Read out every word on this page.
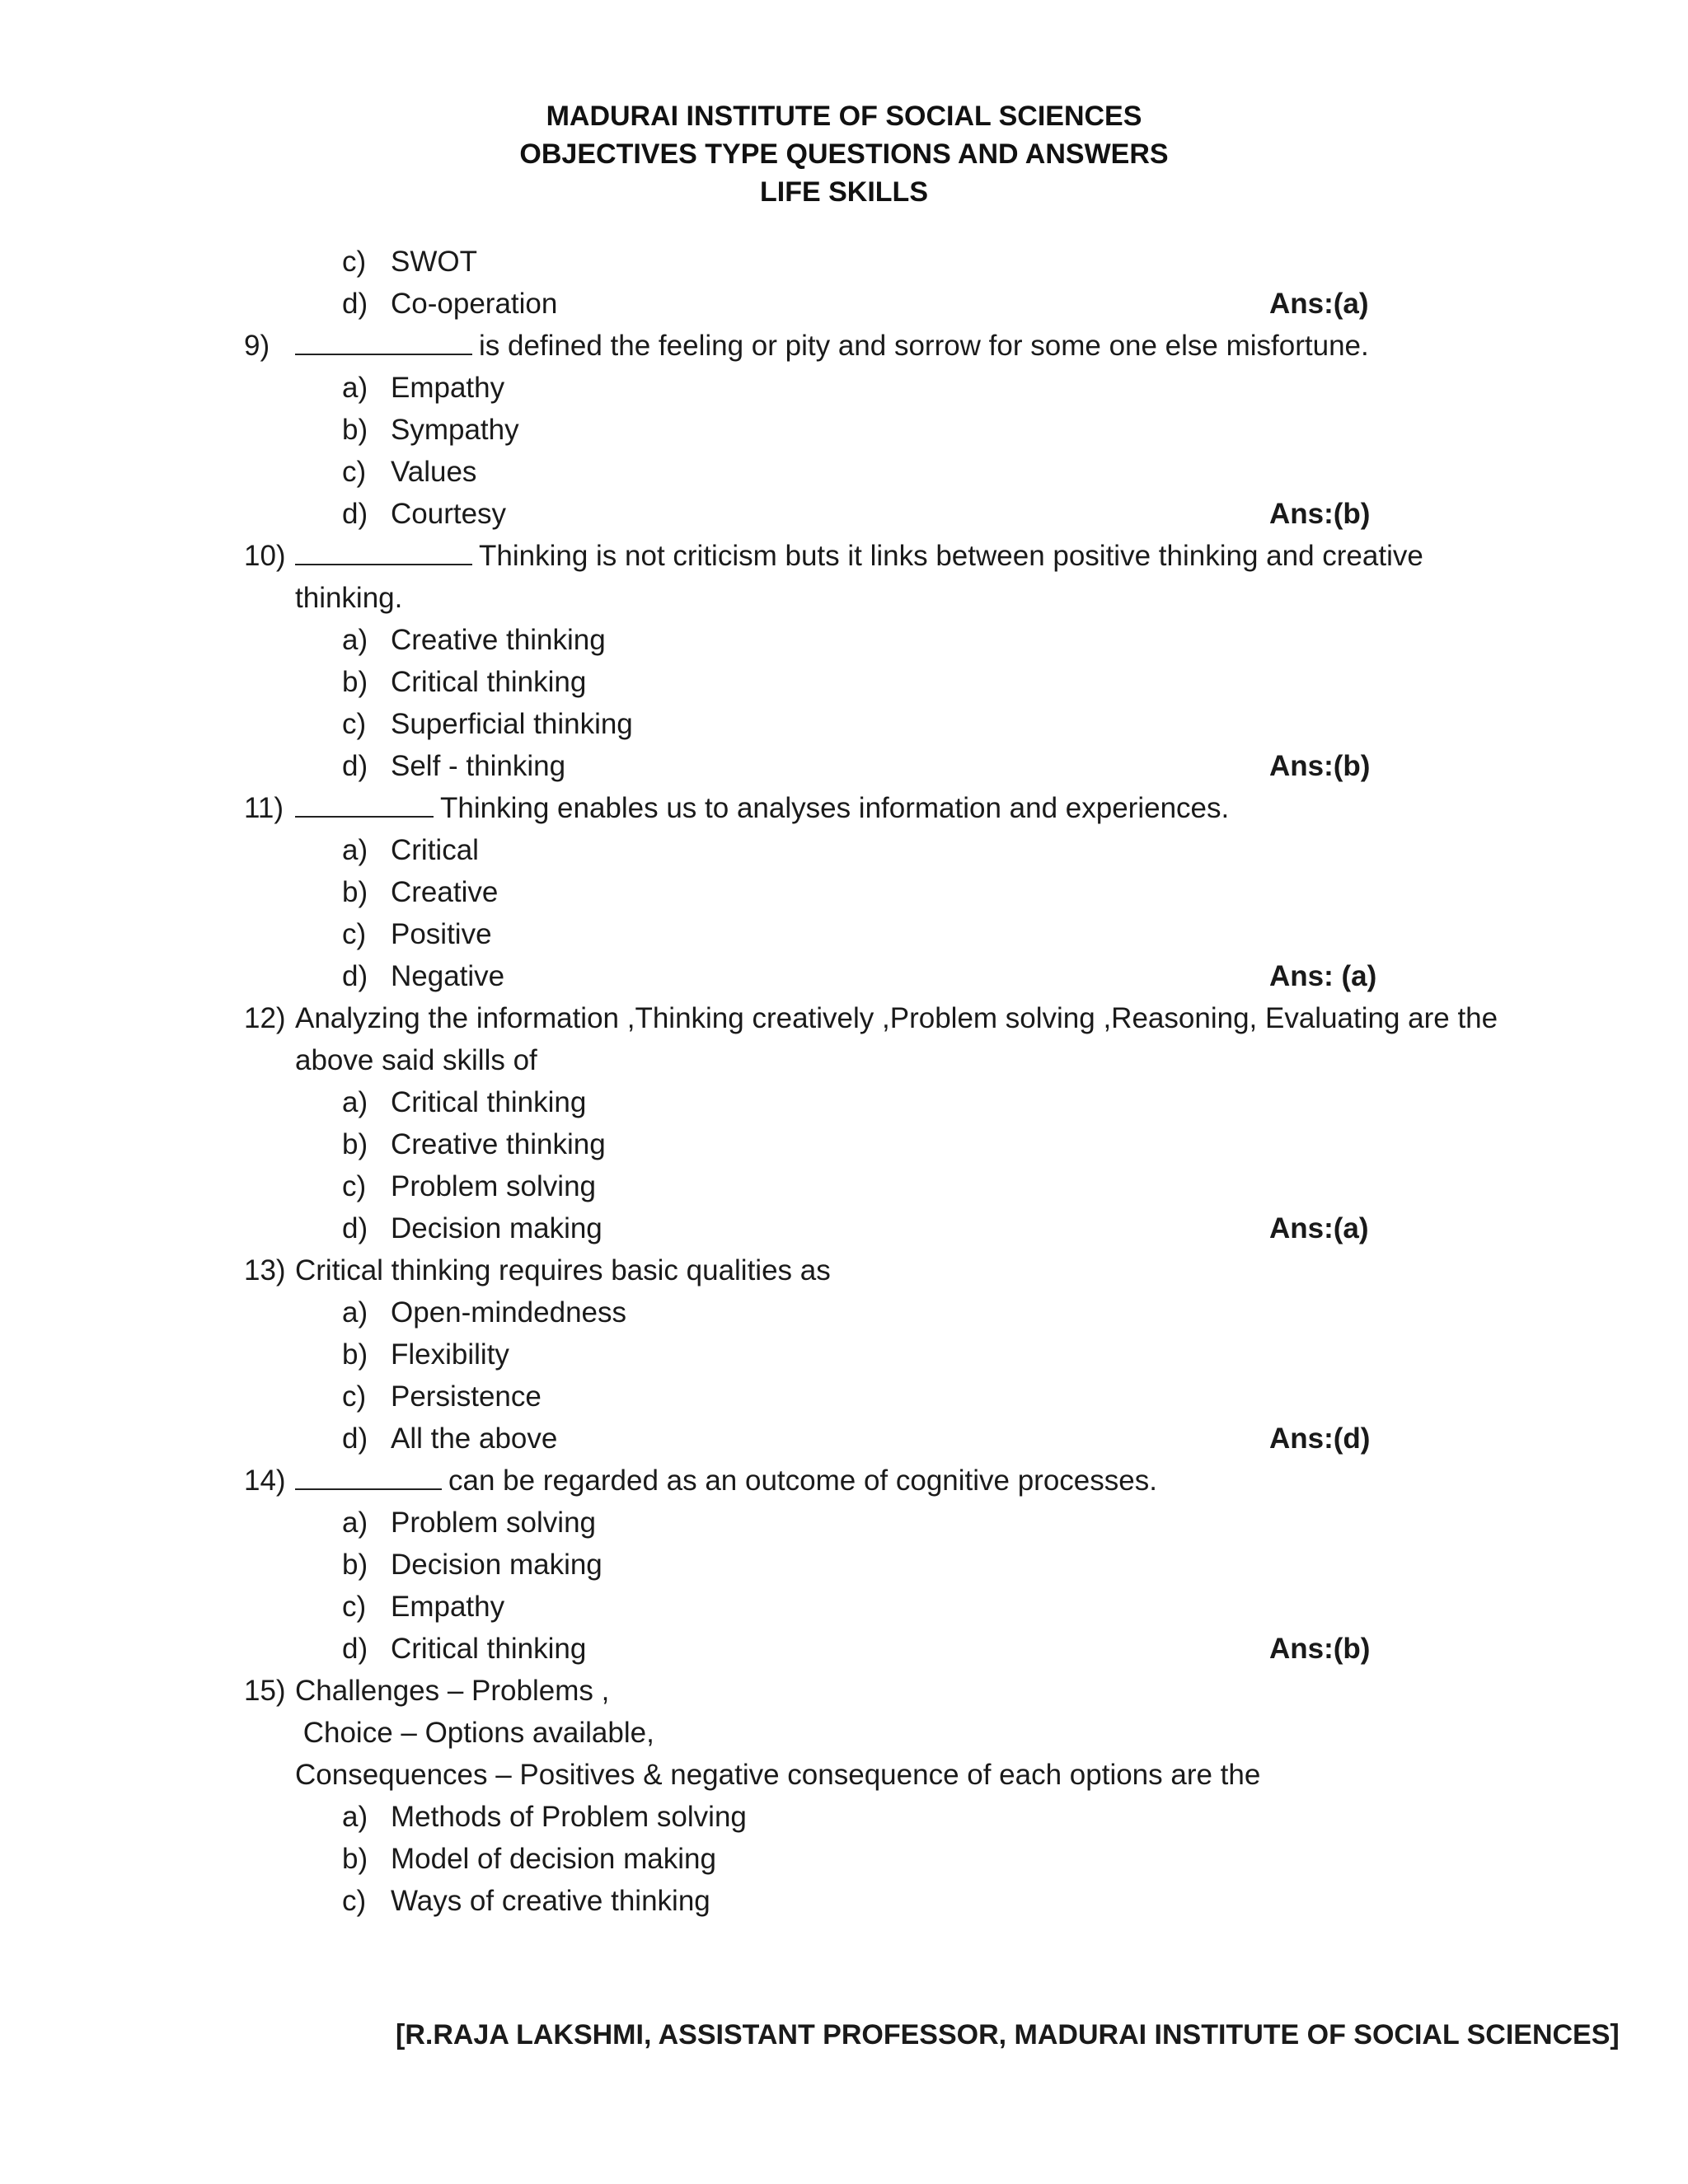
MADURAI INSTITUTE OF SOCIAL SCIENCES
OBJECTIVES TYPE QUESTIONS AND ANSWERS
LIFE SKILLS
c) SWOT
d) Co-operation	Ans:(a)
9)	is defined the feeling or pity and sorrow for some one else misfortune.
a) Empathy
b) Sympathy
c) Values
d) Courtesy	Ans:(b)
10)	Thinking is not criticism buts it links between positive thinking and creative
thinking.
a) Creative thinking
b) Critical thinking
c) Superficial thinking
d) Self - thinking	Ans:(b)
11)	Thinking enables us to analyses information and experiences.
a) Critical
b) Creative
c) Positive
d) Negative	Ans: (a)
12) Analyzing the information ,Thinking creatively ,Problem solving ,Reasoning, Evaluating are the
above said skills of
a) Critical thinking
b) Creative thinking
c) Problem solving
d) Decision making	Ans:(a)
13) Critical thinking requires basic qualities as
a) Open-mindedness
b) Flexibility
c) Persistence
d) All the above	Ans:(d)
14)	can be regarded as an outcome of cognitive processes.
a) Problem solving
b) Decision making
c) Empathy
d) Critical thinking	Ans:(b)
15) Challenges – Problems ,
Choice – Options available,
Consequences – Positives & negative consequence of each options are the
a) Methods of Problem solving
b) Model of decision making
c) Ways of creative thinking
[R.RAJA LAKSHMI, ASSISTANT PROFESSOR, MADURAI INSTITUTE OF SOCIAL SCIENCES]
